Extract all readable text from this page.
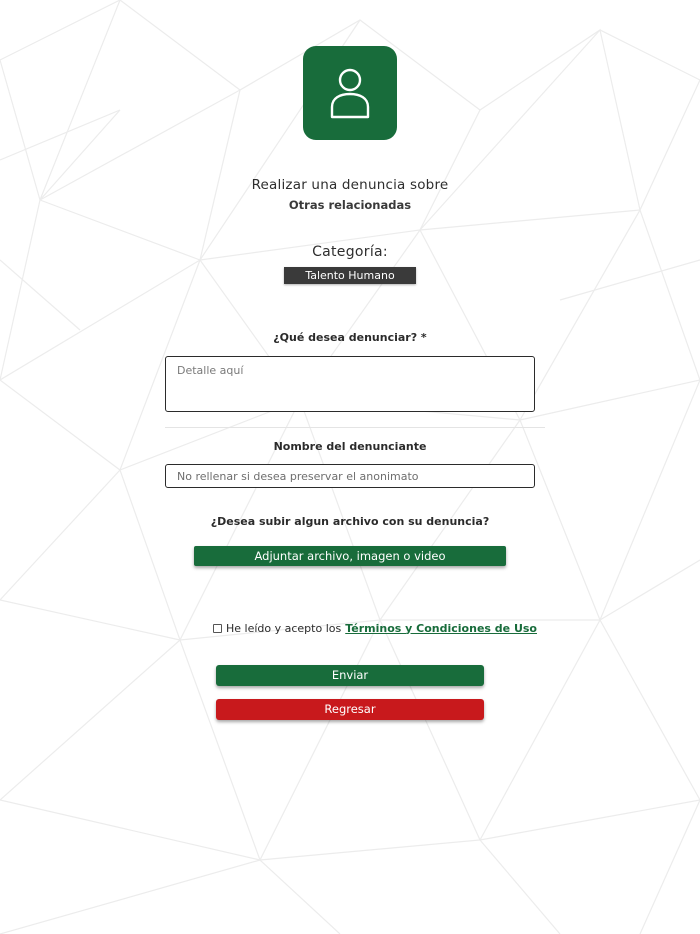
Realizar una denuncia sobre
Otras relacionadas
Categoría:
Talento Humano
¿Qué desea denunciar? *
Detalle aquí
Nombre del denunciante
No rellenar si desea preservar el anonimato
¿Desea subir algun archivo con su denuncia?
Adjuntar archivo, imagen o video
He leído y acepto los Términos y Condiciones de Uso
Enviar
Regresar
